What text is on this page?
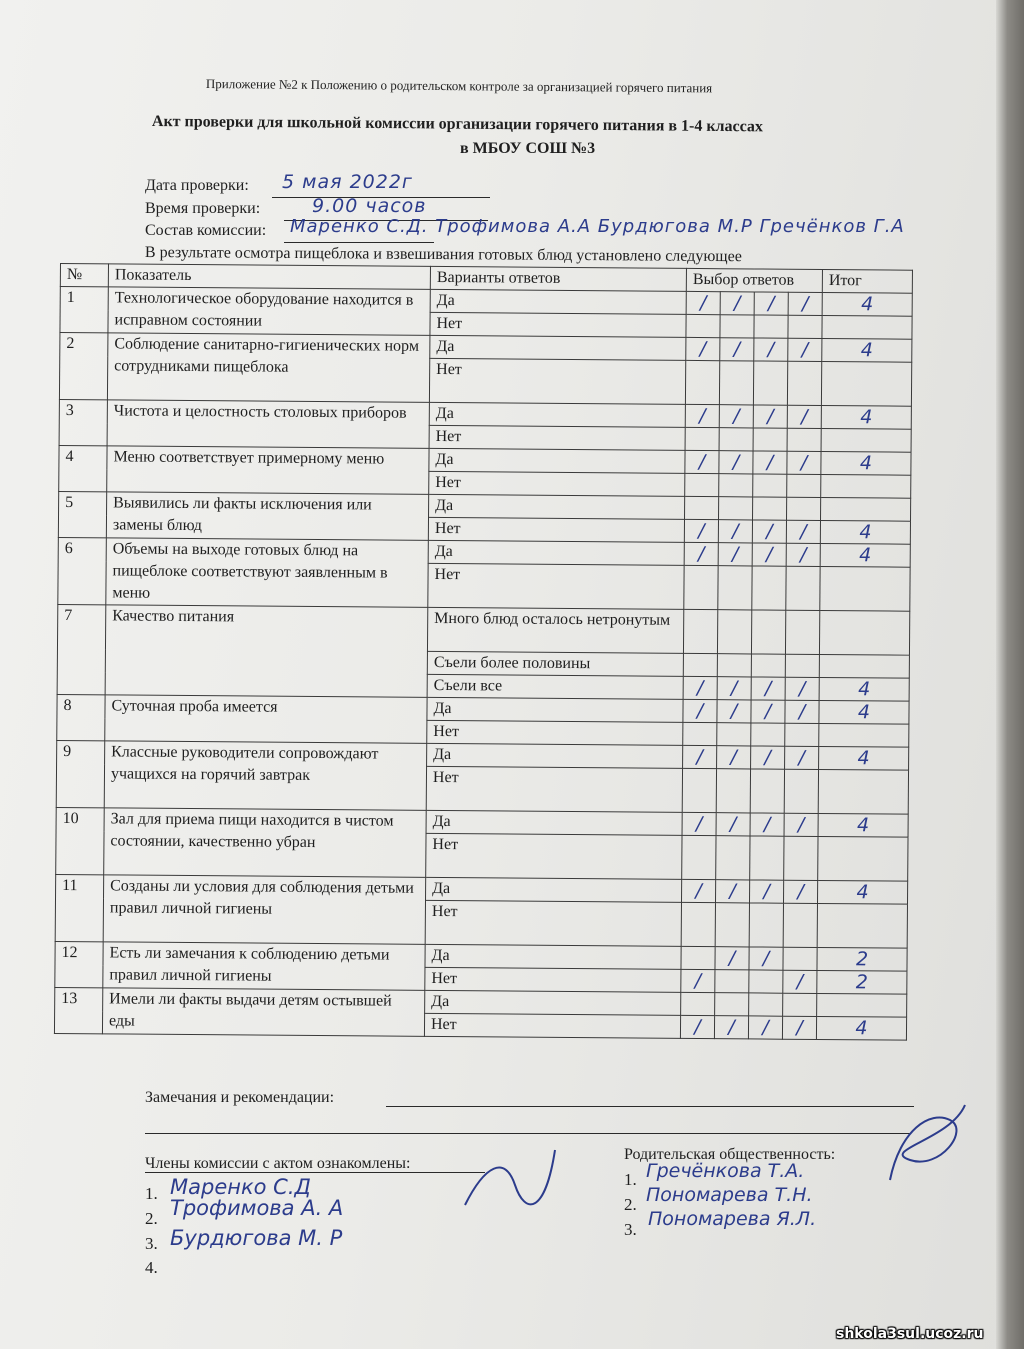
Приложение №2 к Положению о родительском контроле за организацией горячего питания
Акт проверки для школьной комиссии организации горячего питания в 1-4 классах
в МБОУ СОШ №3
Дата проверки: 5 мая 2022г
Время проверки:	9.00 часов
Состав комиссии: Маренко С.Д. Трофимова А.А Бурдюгова М.Р Гречёнков Г.А
В результате осмотра пищеблока и взвешивания готовых блюд установлено следующее
№	Показатель	Варианты ответов	Выбор ответов				Итог
1	Технологическое оборудование находится в исправном состоянии	Да	/	/	/	/	4
		Нет					
2	Соблюдение санитарно-гигиенических норм сотрудниками пищеблока	Да	/	/	/	/	4
		Нет					
3	Чистота и целостность столовых приборов	Да	/	/	/	/	4
		Нет					
4	Меню соответствует примерному меню	Да	/	/	/	/	4
		Нет					
5	Выявились ли факты исключения или замены блюд	Да					
		Нет	/	/	/	/	4
6	Объемы на выходе готовых блюд на пищеблоке соответствуют заявленным в меню	Да	/	/	/	/	4
		Нет					
7	Качество питания	Много блюд осталось нетронутым					
		Съели более половины					
		Съели все	/	/	/	/	4
8	Суточная проба имеется	Да	/	/	/	/	4
		Нет					
9	Классные руководители сопровождают учащихся на горячий завтрак	Да	/	/	/	/	4
		Нет					
10	Зал для приема пищи находится в чистом состоянии, качественно убран	Да	/	/	/	/	4
		Нет					
11	Созданы ли условия для соблюдения детьми правил личной гигиены	Да	/	/	/	/	4
		Нет					
12	Есть ли замечания к соблюдению детьми правил личной гигиены	Да		/	/		2
		Нет	/			/	2
13	Имели ли факты выдачи детям остывшей еды	Да					
		Нет	/	/	/	/	4
Замечания и рекомендации:
Члены комиссии с актом ознакомлены:
1. Маренко С.Д
2. Трофимова А. А
3. Бурдюгова М. Р
4.
Родительская общественность:
1. Гречёнкова Т.А.
2. Пономарева Т.Н.
3. Пономарева Я.Л.
shkola3sul.ucoz.ru
